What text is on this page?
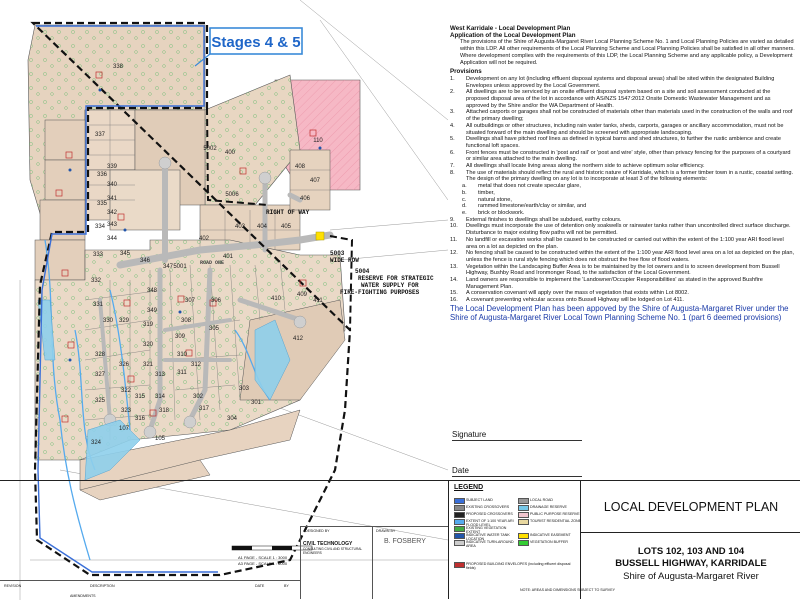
338
337
339
340
341
342
343
344
336
335
334
333
332
331
330 329
328
327
326
325
324
345
346
347
348
349
5002
5001
5006
400
401
402
403 404 405
406
407
408
409
410	411
412
301
302
303
304
305
306
307
308
309
310
311
312
313
314
315
316
317
318
319
320
321
322
323
105
107
110
Stages 4 & 5
RIGHT OF WAY
5003
WIDE ROW
5004
RESERVE FOR STRATEGIC
WATER SUPPLY FOR
FIRE-FIGHTING PURPOSES
ROAD ONE

West Karridale - Local Development Plan

Application of the Local Development Plan

The provisions of the Shire of Augusta-Margaret River Local Planning Scheme No. 1 and Local Planning Policies are varied as detailed within this LDP. All other requirements of the Local Planning Scheme and Local Planning Policies shall be satisfied in all other manners. Where development complies with the requirements of this LDP, the Local Planning Scheme and any applicable policy, a Development Application will not be required.

Provisions

1. Development on any lot (including effluent disposal systems and disposal areas) shall be sited within the designated Building Envelopes unless approved by the Local Government.
2. All dwellings are to be serviced by an onsite effluent disposal system based on a site and soil assessment conducted at the proposed disposal area of the lot in accordance with AS/NZS 1547:2012 Onsite Domestic Wastewater Management and as approved by the Shire and/or the WA Department of Health.
3. Attached carports or garages shall not be constructed of materials other than materials used in the construction of the walls and roof of the primary dwelling;
4. All outbuildings or other structures, including rain water tanks, sheds, carports, garages or ancillary accommodation, must not be situated forward of the main dwelling and should be screened with appropriate landscaping.
5. Dwellings shall have pitched roof lines as defined in typical barns and shed structures, to further the rustic ambience and create functional loft spaces.
6. Front fences must be constructed in 'post and rail' or 'post and wire' style, other than privacy fencing for the purposes of a courtyard or similar area attached to the main dwelling.
7. All dwellings shall locate living areas along the northern side to achieve optimum solar efficiency.
8. The use of materials should reflect the rural and historic nature of Karridale, which is a former timber town in a rustic, coastal setting. The design of the primary dwelling on any lot is to incorporate at least 3 of the following elements:
a. metal that does not create specular glare,
b. timber,
c. natural stone,
d. rammed limestone/earth/clay or similar, and
e. brick or blockwork.
9. External finishes to dwellings shall be subdued, earthy colours.
10. Dwellings must incorporate the use of detention only soakwells or rainwater tanks rather than uncontrolled direct surface discharge. Disturbance to major existing flow paths will not be permitted.
11. No landfill or excavation works shall be caused to be constructed or carried out within the extent of the 1:100 year ARI flood level area on a lot as depicted on the plan.
12. No fencing shall be caused to be constructed within the extent of the 1:100 year ARI flood level area on a lot as depicted on the plan, unless the fence is rural style fencing which does not obstruct the free flow of flood waters.
13. Vegetation within the Landscaping Buffer Area is to be maintained by the lot owners and is to screen development from Bussell Highway, Bushby Road and Ironmonger Road, to the satisfaction of the Local Government.
14. Land owners are responsible to implement the 'Landowner/Occupier Responsibilities' as stated in the approved Bushfire Management Plan.
15. A conservation covenant will apply over the mass of vegetation that exists within Lot 8002.
16. A covenant preventing vehicular access onto Bussell Highway will be lodged on Lot 411.

The Local Development Plan has been appoved by the Shire of Augusta-Margaret River under the Shire of Augusta-Margaret River Local Town Planning Scheme No. 1 (part 6 deemed provisions)

Signature
Date
LEGEND
SUBJECT LAND
EXISTING CROSSOVERS
PROPOSED CROSSOVERS
EXTENT OF 1:100 YEAR ARI FLOOD LEVEL
EXISTING VEGETATION EXTENT
INDICATIVE WATER TANK LOCATION
INDICATIVE TURN-AROUND AREA
LOCAL ROAD
DRAINAGE RESERVE
PUBLIC PURPOSE RESERVE
TOURIST RESIDENTIAL ZONE
INDICATIVE EASEMENT
VEGETATION BUFFER
PROPOSED BUILDING ENVELOPES (including effluent disposal fields)
NOTE: AREAS AND DIMENSIONS SUBJECT TO SURVEY
LOCAL DEVELOPMENT PLAN
LOTS 102, 103 AND 104
BUSSELL HIGHWAY, KARRIDALE
Shire of Augusta-Margaret River
DESIGNED BY	DRAWN BY
B. FOSBERY
CIVIL TECHNOLOGY
CONSULTING CIVIL AND STRUCTURAL ENGINEERS
A1 PAGE - SCALE 1 : 3000
A3 PAGE - SCALE 1 : 6000
AMENDMENTS
REVISION	DESCRIPTION	DATE	BY
